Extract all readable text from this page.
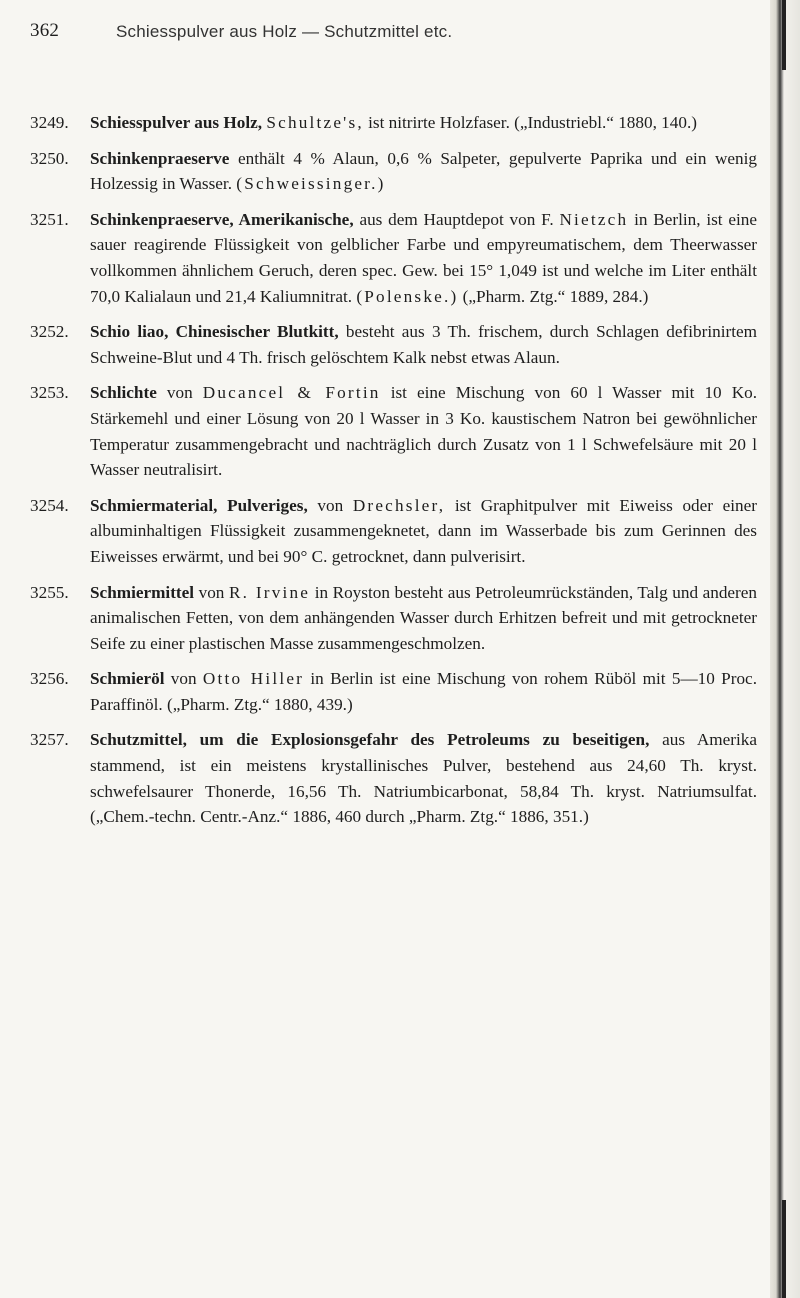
362	Schiesspulver aus Holz — Schutzmittel etc.
3249. Schiesspulver aus Holz, Schultze's, ist nitrirte Holzfaser. („Industriebl.“ 1880, 140.)
3250. Schinkenpraeserve enthält 4 % Alaun, 0,6 % Salpeter, gepulverte Paprika und ein wenig Holzessig in Wasser. (Schweissinger.)
3251. Schinkenpraeserve, Amerikanische, aus dem Hauptdepot von F. Nietzch in Berlin, ist eine sauer reagirende Flüssigkeit von gelblicher Farbe und empyreumatischem, dem Theerwasser vollkommen ähnlichem Geruch, deren spec. Gew. bei 15° 1,049 ist und welche im Liter enthält 70,0 Kalialaun und 21,4 Kaliumnitrat. (Polenske.) („Pharm. Ztg.“ 1889, 284.)
3252. Schio liao, Chinesischer Blutkitt, besteht aus 3 Th. frischem, durch Schlagen defibrinirtem Schweine-Blut und 4 Th. frisch gelöschtem Kalk nebst etwas Alaun.
3253. Schlichte von Ducancel & Fortin ist eine Mischung von 60 l Wasser mit 10 Ko. Stärkemehl und einer Lösung von 20 l Wasser in 3 Ko. kaustischem Natron bei gewöhnlicher Temperatur zusammengebracht und nachträglich durch Zusatz von 1 l Schwefelsäure mit 20 l Wasser neutralisirt.
3254. Schmiermaterial, Pulveriges, von Drechsler, ist Graphitpulver mit Eiweiss oder einer albuminhaltigen Flüssigkeit zusammengeknetet, dann im Wasserbade bis zum Gerinnen des Eiweisses erwärmt, und bei 90° C. getrocknet, dann pulverisirt.
3255. Schmiermittel von R. Irvine in Royston besteht aus Petroleumrückständen, Talg und anderen animalischen Fetten, von dem anhängenden Wasser durch Erhitzen befreit und mit getrockneter Seife zu einer plastischen Masse zusammengeschmolzen.
3256. Schmieröl von Otto Hiller in Berlin ist eine Mischung von rohem Rüböl mit 5—10 Proc. Paraffinöl. („Pharm. Ztg.“ 1880, 439.)
3257. Schutzmittel, um die Explosionsgefahr des Petroleums zu beseitigen, aus Amerika stammend, ist ein meistens krystallinisches Pulver, bestehend aus 24,60 Th. kryst. schwefelsaurer Thonerde, 16,56 Th. Natriumbicarbonat, 58,84 Th. kryst. Natriumsulfat. („Chem.-techn. Centr.-Anz.“ 1886, 460 durch „Pharm. Ztg.“ 1886, 351.)
